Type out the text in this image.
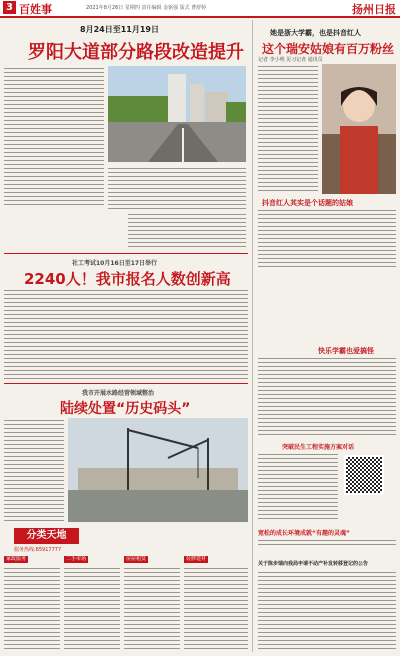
3 百姓事	2021年8月26日 星期四 责任编辑 金铭强 版式 曹舒婷	扬州日报
8月24日至11月19日
罗阳大道部分路段改造提升
她是浙大学霸，也是抖音红人
这个瑞安姑娘有百万粉丝
记者 李小明 见习记者 通讯员
抖音红人其实是个话题的姑娘
快乐学霸也爱搞怪
社工考试10月16日至17日举行
2240人！我市报名人数创新高
我市开展水路经营领域整治
陆续处置“历史码头”
突破民生工程实施方案对话
宽松的成长环境成就“有趣的灵魂”
分类天地
服务热线:85917777
家政服务	二手市场	房屋租赁	装修建材
关于陈步瑞向我局申请不动产补发转移登记的公告
